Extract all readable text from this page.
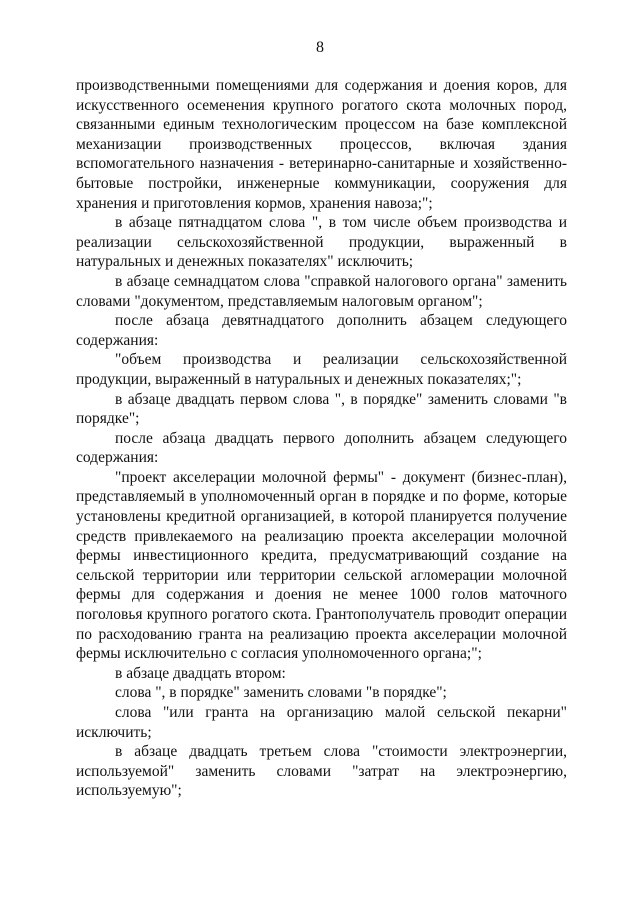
8

производственными помещениями для содержания и доения коров, для искусственного осеменения крупного рогатого скота молочных пород, связанными единым технологическим процессом на базе комплексной механизации производственных процессов, включая здания вспомогательного назначения - ветеринарно-санитарные и хозяйственно-бытовые постройки, инженерные коммуникации, сооружения для хранения и приготовления кормов, хранения навоза;";

в абзаце пятнадцатом слова ", в том числе объем производства и реализации сельскохозяйственной продукции, выраженный в натуральных и денежных показателях" исключить;

в абзаце семнадцатом слова "справкой налогового органа" заменить словами "документом, представляемым налоговым органом";

после абзаца девятнадцатого дополнить абзацем следующего содержания:

"объем производства и реализации сельскохозяйственной продукции, выраженный в натуральных и денежных показателях;";

в абзаце двадцать первом слова ", в порядке" заменить словами "в порядке";

после абзаца двадцать первого дополнить абзацем следующего содержания:

"проект акселерации молочной фермы" - документ (бизнес-план), представляемый в уполномоченный орган в порядке и по форме, которые установлены кредитной организацией, в которой планируется получение средств привлекаемого на реализацию проекта акселерации молочной фермы инвестиционного кредита, предусматривающий создание на сельской территории или территории сельской агломерации молочной фермы для содержания и доения не менее 1000 голов маточного поголовья крупного рогатого скота. Грантополучатель проводит операции по расходованию гранта на реализацию проекта акселерации молочной фермы исключительно с согласия уполномоченного органа;";

в абзаце двадцать втором:

слова ", в порядке" заменить словами "в порядке";

слова "или гранта на организацию малой сельской пекарни" исключить;

в абзаце двадцать третьем слова "стоимости электроэнергии, используемой" заменить словами "затрат на электроэнергию, используемую";
